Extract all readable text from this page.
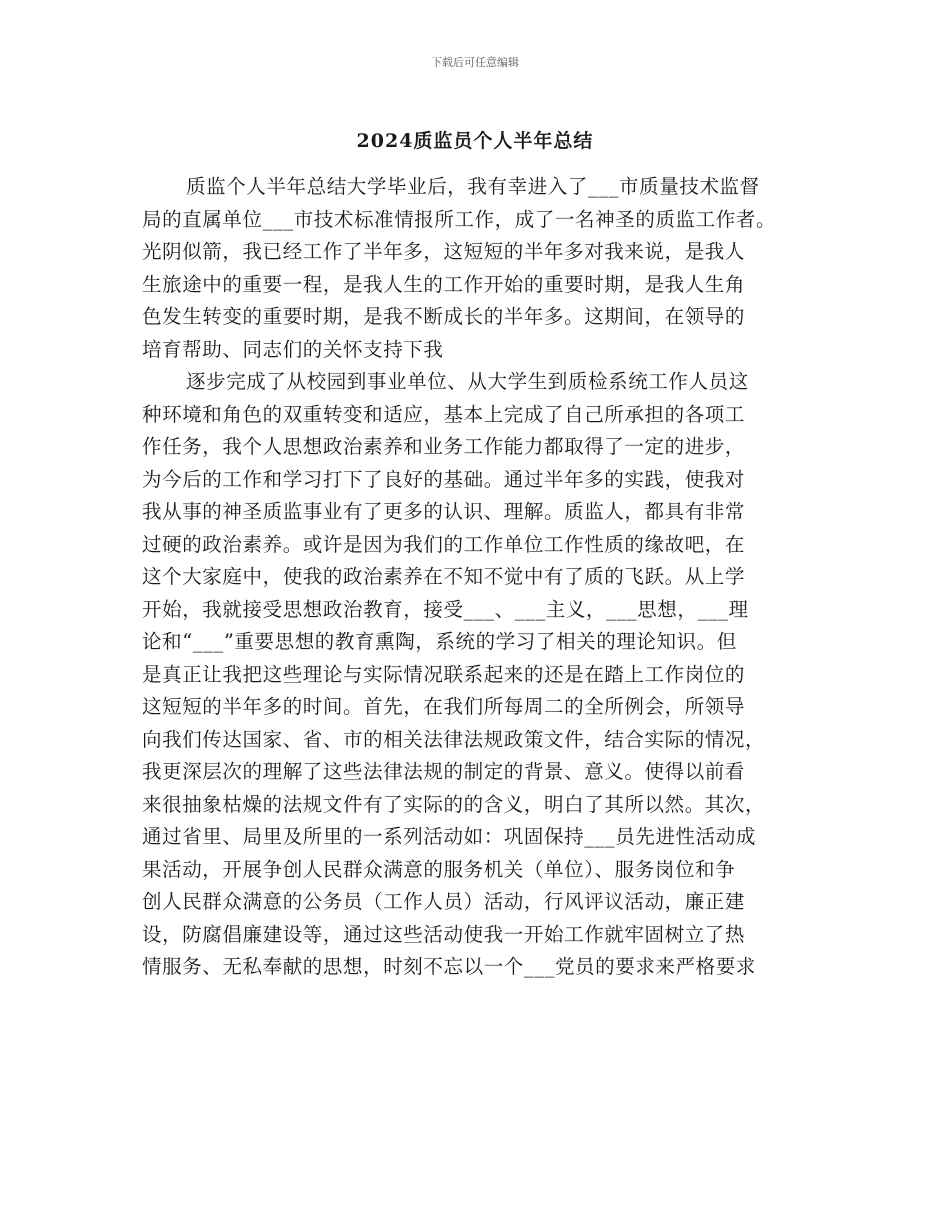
下载后可任意编辑
2024质监员个人半年总结
质监个人半年总结大学毕业后，我有幸进入了___市质量技术监督
局的直属单位___市技术标准情报所工作，成了一名神圣的质监工作者。
光阴似箭，我已经工作了半年多，这短短的半年多对我来说，是我人
生旅途中的重要一程，是我人生的工作开始的重要时期，是我人生角
色发生转变的重要时期，是我不断成长的半年多。这期间，在领导的
培育帮助、同志们的关怀支持下我
逐步完成了从校园到事业单位、从大学生到质检系统工作人员这
种环境和角色的双重转变和适应，基本上完成了自己所承担的各项工
作任务，我个人思想政治素养和业务工作能力都取得了一定的进步，
为今后的工作和学习打下了良好的基础。通过半年多的实践，使我对
我从事的神圣质监事业有了更多的认识、理解。质监人，都具有非常
过硬的政治素养。或许是因为我们的工作单位工作性质的缘故吧，在
这个大家庭中，使我的政治素养在不知不觉中有了质的飞跃。从上学
开始，我就接受思想政治教育，接受___、___主义，___思想，___理
论和“___”重要思想的教育熏陶，系统的学习了相关的理论知识。但
是真正让我把这些理论与实际情况联系起来的还是在踏上工作岗位的
这短短的半年多的时间。首先，在我们所每周二的全所例会，所领导
向我们传达国家、省、市的相关法律法规政策文件，结合实际的情况，
我更深层次的理解了这些法律法规的制定的背景、意义。使得以前看
来很抽象枯燥的法规文件有了实际的的含义，明白了其所以然。其次，
通过省里、局里及所里的一系列活动如：巩固保持___员先进性活动成
果活动，开展争创人民群众满意的服务机关（单位）、服务岗位和争
创人民群众满意的公务员（工作人员）活动，行风评议活动，廉正建
设，防腐倡廉建设等，通过这些活动使我一开始工作就牢固树立了热
情服务、无私奉献的思想，时刻不忘以一个___党员的要求来严格要求
